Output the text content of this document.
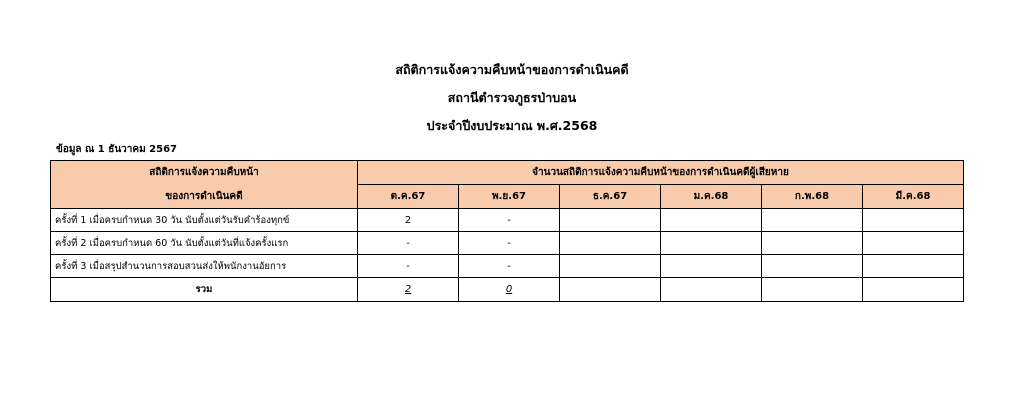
สถิติการแจ้งความคืบหน้าของการดำเนินคดี
สถานีตำรวจภูธรป่าบอน
ประจำปีงบประมาณ พ.ศ.2568
ข้อมูล ณ 1 ธันวาคม 2567
สถิติการแจ้งความคืบหน้า	จำนวนสถิติการแจ้งความคืบหน้าของการดำเนินคดีผู้เสียหาย					
ของการดำเนินคดี	ต.ค.67	พ.ย.67	ธ.ค.67	ม.ค.68	ก.พ.68	มี.ค.68
ครั้งที่ 1 เมื่อครบกำหนด 30 วัน นับตั้งแต่วันรับคำร้องทุกข์	2	-				
ครั้งที่ 2 เมื่อครบกำหนด 60 วัน นับตั้งแต่วันที่แจ้งครั้งแรก	-	-				
ครั้งที่ 3 เมื่อสรุปสำนวนการสอบสวนส่งให้พนักงานอัยการ	-	-				
รวม	2	0				
